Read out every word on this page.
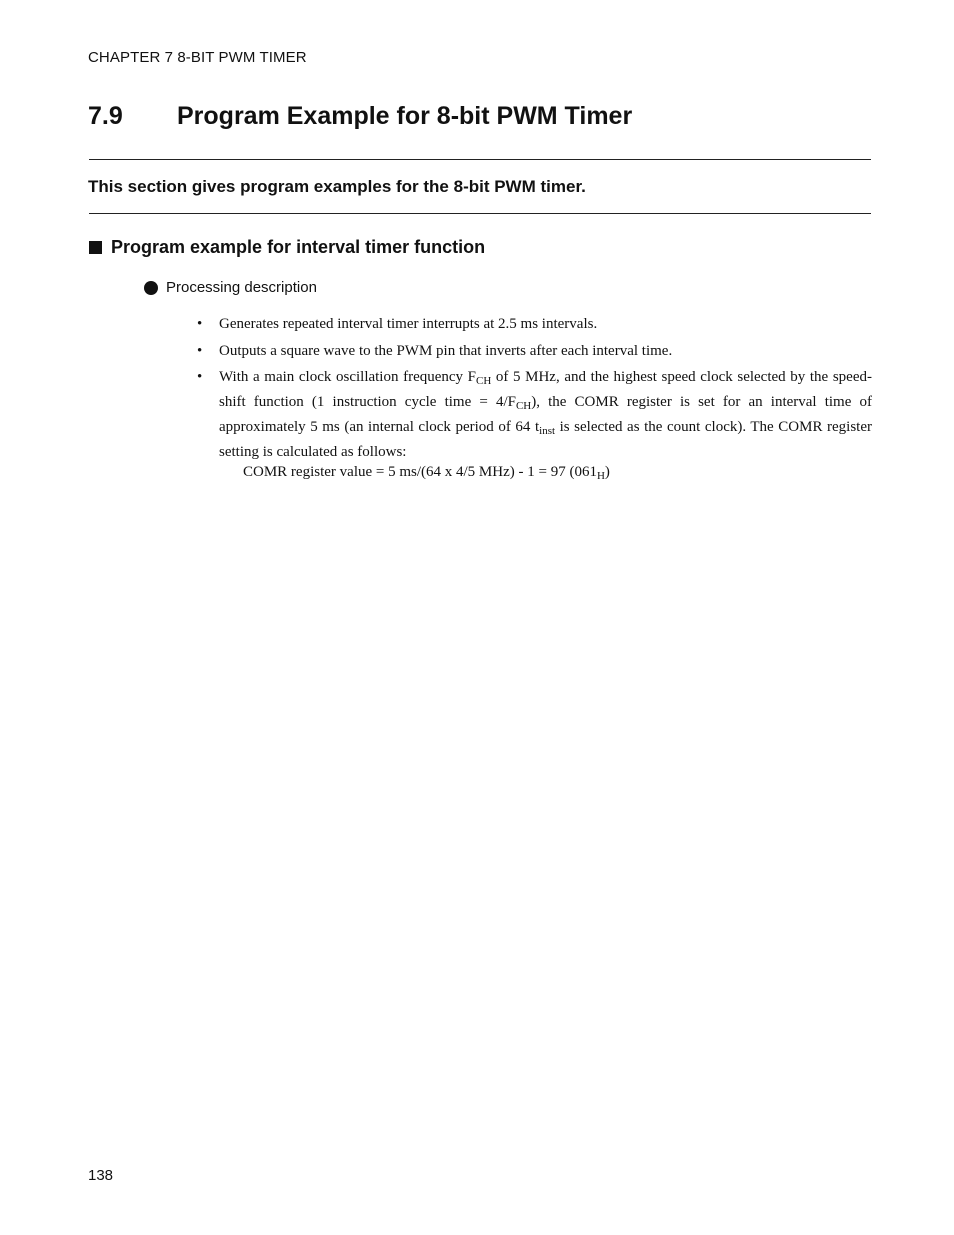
CHAPTER 7 8-BIT PWM TIMER
7.9 Program Example for 8-bit PWM Timer
This section gives program examples for the 8-bit PWM timer.
Program example for interval timer function
Processing description
•	Generates repeated interval timer interrupts at 2.5 ms intervals.
•	Outputs a square wave to the PWM pin that inverts after each interval time.
•	With a main clock oscillation frequency $F_{CH}$ of 5 MHz, and the highest speed clock selected by the speed-shift function (1 instruction cycle time = $4/F_{CH}$), the COMR register is set for an interval time of approximately 5 ms (an internal clock period of 64 $t_{inst}$ is selected as the count clock). The COMR register setting is calculated as follows:
COMR register value = 5 ms/(64 x 4/5 MHz) - 1 = 97 $(061_H)$
138
